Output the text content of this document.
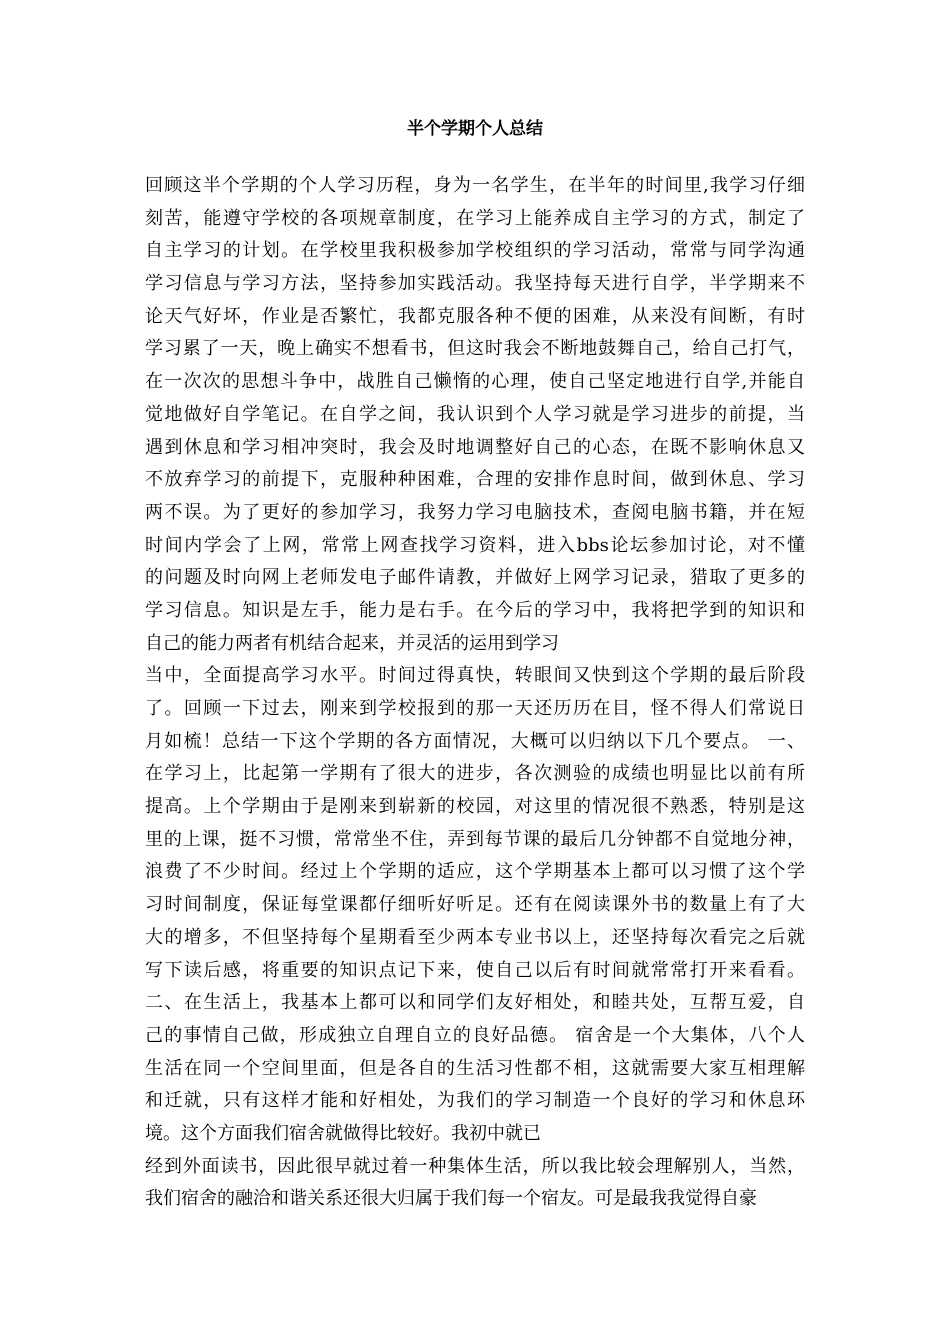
半个学期个人总结
回顾这半个学期的个人学习历程，身为一名学生，在半年的时间里,我学习仔细
刻苦，能遵守学校的各项规章制度，在学习上能养成自主学习的方式，制定了
自主学习的计划。在学校里我积极参加学校组织的学习活动，常常与同学沟通
学习信息与学习方法，坚持参加实践活动。我坚持每天进行自学，半学期来不
论天气好坏，作业是否繁忙，我都克服各种不便的困难，从来没有间断，有时
学习累了一天，晚上确实不想看书，但这时我会不断地鼓舞自己，给自己打气，
在一次次的思想斗争中，战胜自己懒惰的心理，使自己坚定地进行自学,并能自
觉地做好自学笔记。在自学之间，我认识到个人学习就是学习进步的前提，当
遇到休息和学习相冲突时，我会及时地调整好自己的心态，在既不影响休息又
不放弃学习的前提下，克服种种困难，合理的安排作息时间，做到休息、学习
两不误。为了更好的参加学习，我努力学习电脑技术，查阅电脑书籍，并在短
时间内学会了上网，常常上网查找学习资料，进入bbs论坛参加讨论，对不懂
的问题及时向网上老师发电子邮件请教，并做好上网学习记录，猎取了更多的
学习信息。知识是左手，能力是右手。在今后的学习中，我将把学到的知识和
自己的能力两者有机结合起来，并灵活的运用到学习
当中，全面提高学习水平。时间过得真快，转眼间又快到这个学期的最后阶段
了。回顾一下过去，刚来到学校报到的那一天还历历在目，怪不得人们常说日
月如梳！总结一下这个学期的各方面情况，大概可以归纳以下几个要点。 一、
在学习上，比起第一学期有了很大的进步，各次测验的成绩也明显比以前有所
提高。上个学期由于是刚来到崭新的校园，对这里的情况很不熟悉，特别是这
里的上课，挺不习惯，常常坐不住，弄到每节课的最后几分钟都不自觉地分神，
浪费了不少时间。经过上个学期的适应，这个学期基本上都可以习惯了这个学
习时间制度，保证每堂课都仔细听好听足。还有在阅读课外书的数量上有了大
大的增多，不但坚持每个星期看至少两本专业书以上，还坚持每次看完之后就
写下读后感，将重要的知识点记下来，使自己以后有时间就常常打开来看看。
二、在生活上，我基本上都可以和同学们友好相处，和睦共处，互帮互爱，自
己的事情自己做，形成独立自理自立的良好品德。 宿舍是一个大集体，八个人
生活在同一个空间里面，但是各自的生活习性都不相，这就需要大家互相理解
和迁就，只有这样才能和好相处，为我们的学习制造一个良好的学习和休息环
境。这个方面我们宿舍就做得比较好。我初中就已
经到外面读书，因此很早就过着一种集体生活，所以我比较会理解别人，当然，
我们宿舍的融洽和谐关系还很大归属于我们每一个宿友。可是最我我觉得自豪
